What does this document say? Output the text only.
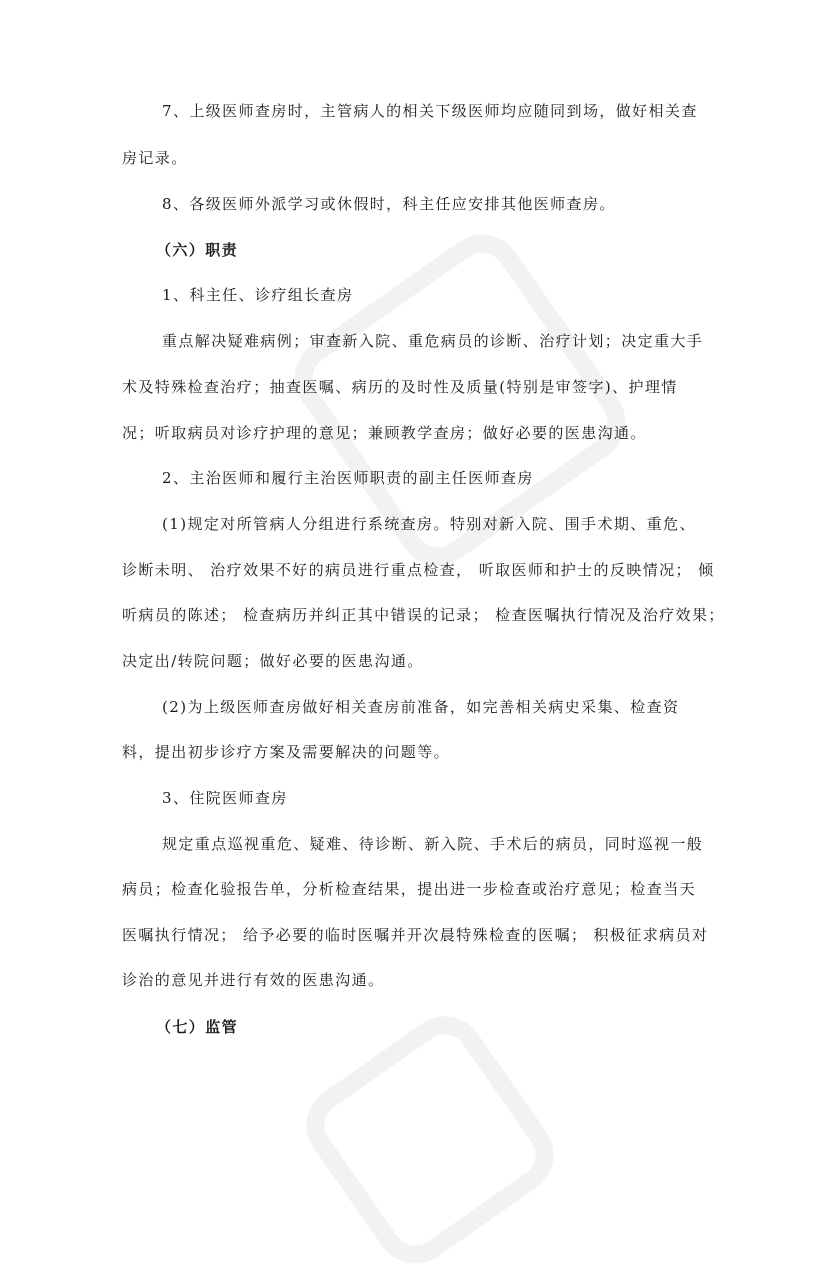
7、上级医师查房时，主管病人的相关下级医师均应随同到场，做好相关查
房记录。
8、各级医师外派学习或休假时，科主任应安排其他医师查房。
（六）职责
1、科主任、诊疗组长查房
重点解决疑难病例；审查新入院、重危病员的诊断、治疗计划；决定重大手
术及特殊检查治疗；抽查医嘱、病历的及时性及质量(特别是审签字)、护理情
况；听取病员对诊疗护理的意见；兼顾教学查房；做好必要的医患沟通。
2、主治医师和履行主治医师职责的副主任医师查房
(1)规定对所管病人分组进行系统查房。特别对新入院、围手术期、重危、
诊断未明、 治疗效果不好的病员进行重点检查， 听取医师和护士的反映情况； 倾
听病员的陈述； 检查病历并纠正其中错误的记录； 检查医嘱执行情况及治疗效果；
决定出/转院问题；做好必要的医患沟通。
(2)为上级医师查房做好相关查房前准备，如完善相关病史采集、检查资
料，提出初步诊疗方案及需要解决的问题等。
3、住院医师查房
规定重点巡视重危、疑难、待诊断、新入院、手术后的病员，同时巡视一般
病员；检查化验报告单，分析检查结果，提出进一步检查或治疗意见；检查当天
医嘱执行情况； 给予必要的临时医嘱并开次晨特殊检查的医嘱； 积极征求病员对
诊治的意见并进行有效的医患沟通。
（七）监管
